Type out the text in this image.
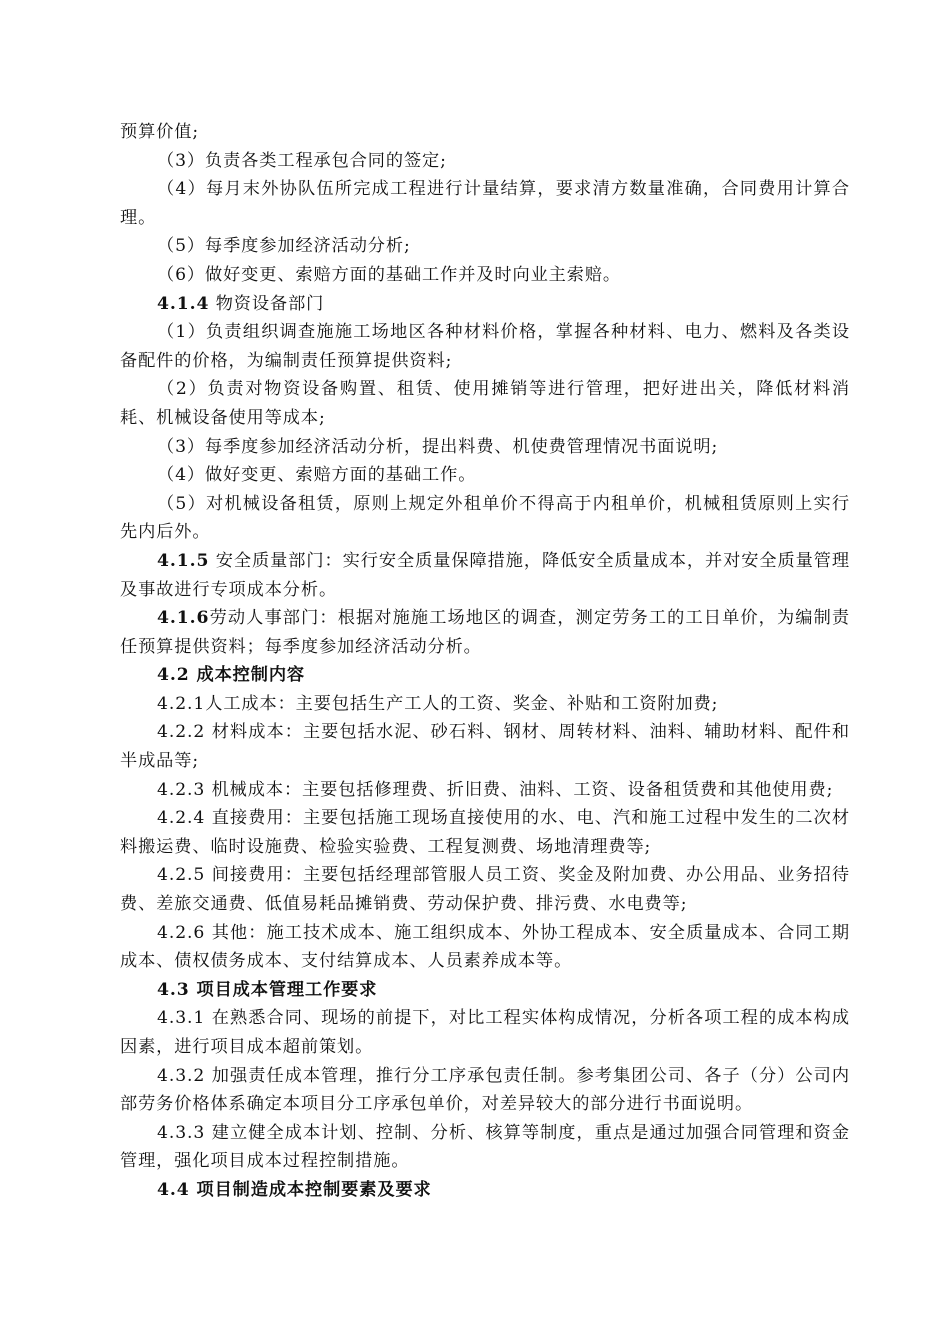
预算价值;

（3）负责各类工程承包合同的签定;

（4）每月末外协队伍所完成工程进行计量结算，要求清方数量准确，合同费用计算合理。

（5）每季度参加经济活动分析;

（6）做好变更、索赔方面的基础工作并及时向业主索赔。

4.1.4 物资设备部门

（1）负责组织调查施施工场地区各种材料价格，掌握各种材料、电力、燃料及各类设备配件的价格，为编制责任预算提供资料;

（2）负责对物资设备购置、租赁、使用摊销等进行管理，把好进出关，降低材料消耗、机械设备使用等成本;

（3）每季度参加经济活动分析，提出料费、机使费管理情况书面说明;

（4）做好变更、索赔方面的基础工作。

（5）对机械设备租赁，原则上规定外租单价不得高于内租单价，机械租赁原则上实行先内后外。

4.1.5 安全质量部门：实行安全质量保障措施，降低安全质量成本，并对安全质量管理及事故进行专项成本分析。

4.1.6劳动人事部门：根据对施施工场地区的调查，测定劳务工的工日单价，为编制责任预算提供资料；每季度参加经济活动分析。

4.2 成本控制内容

4.2.1人工成本：主要包括生产工人的工资、奖金、补贴和工资附加费;

4.2.2 材料成本：主要包括水泥、砂石料、钢材、周转材料、油料、辅助材料、配件和半成品等;

4.2.3 机械成本：主要包括修理费、折旧费、油料、工资、设备租赁费和其他使用费;

4.2.4 直接费用：主要包括施工现场直接使用的水、电、汽和施工过程中发生的二次材料搬运费、临时设施费、检验实验费、工程复测费、场地清理费等;

4.2.5 间接费用：主要包括经理部管服人员工资、奖金及附加费、办公用品、业务招待费、差旅交通费、低值易耗品摊销费、劳动保护费、排污费、水电费等;

4.2.6 其他：施工技术成本、施工组织成本、外协工程成本、安全质量成本、合同工期成本、债权债务成本、支付结算成本、人员素养成本等。

4.3 项目成本管理工作要求

4.3.1 在熟悉合同、现场的前提下，对比工程实体构成情况，分析各项工程的成本构成因素，进行项目成本超前策划。

4.3.2 加强责任成本管理，推行分工序承包责任制。参考集团公司、各子（分）公司内部劳务价格体系确定本项目分工序承包单价，对差异较大的部分进行书面说明。

4.3.3 建立健全成本计划、控制、分析、核算等制度，重点是通过加强合同管理和资金管理，强化项目成本过程控制措施。

4.4 项目制造成本控制要素及要求
